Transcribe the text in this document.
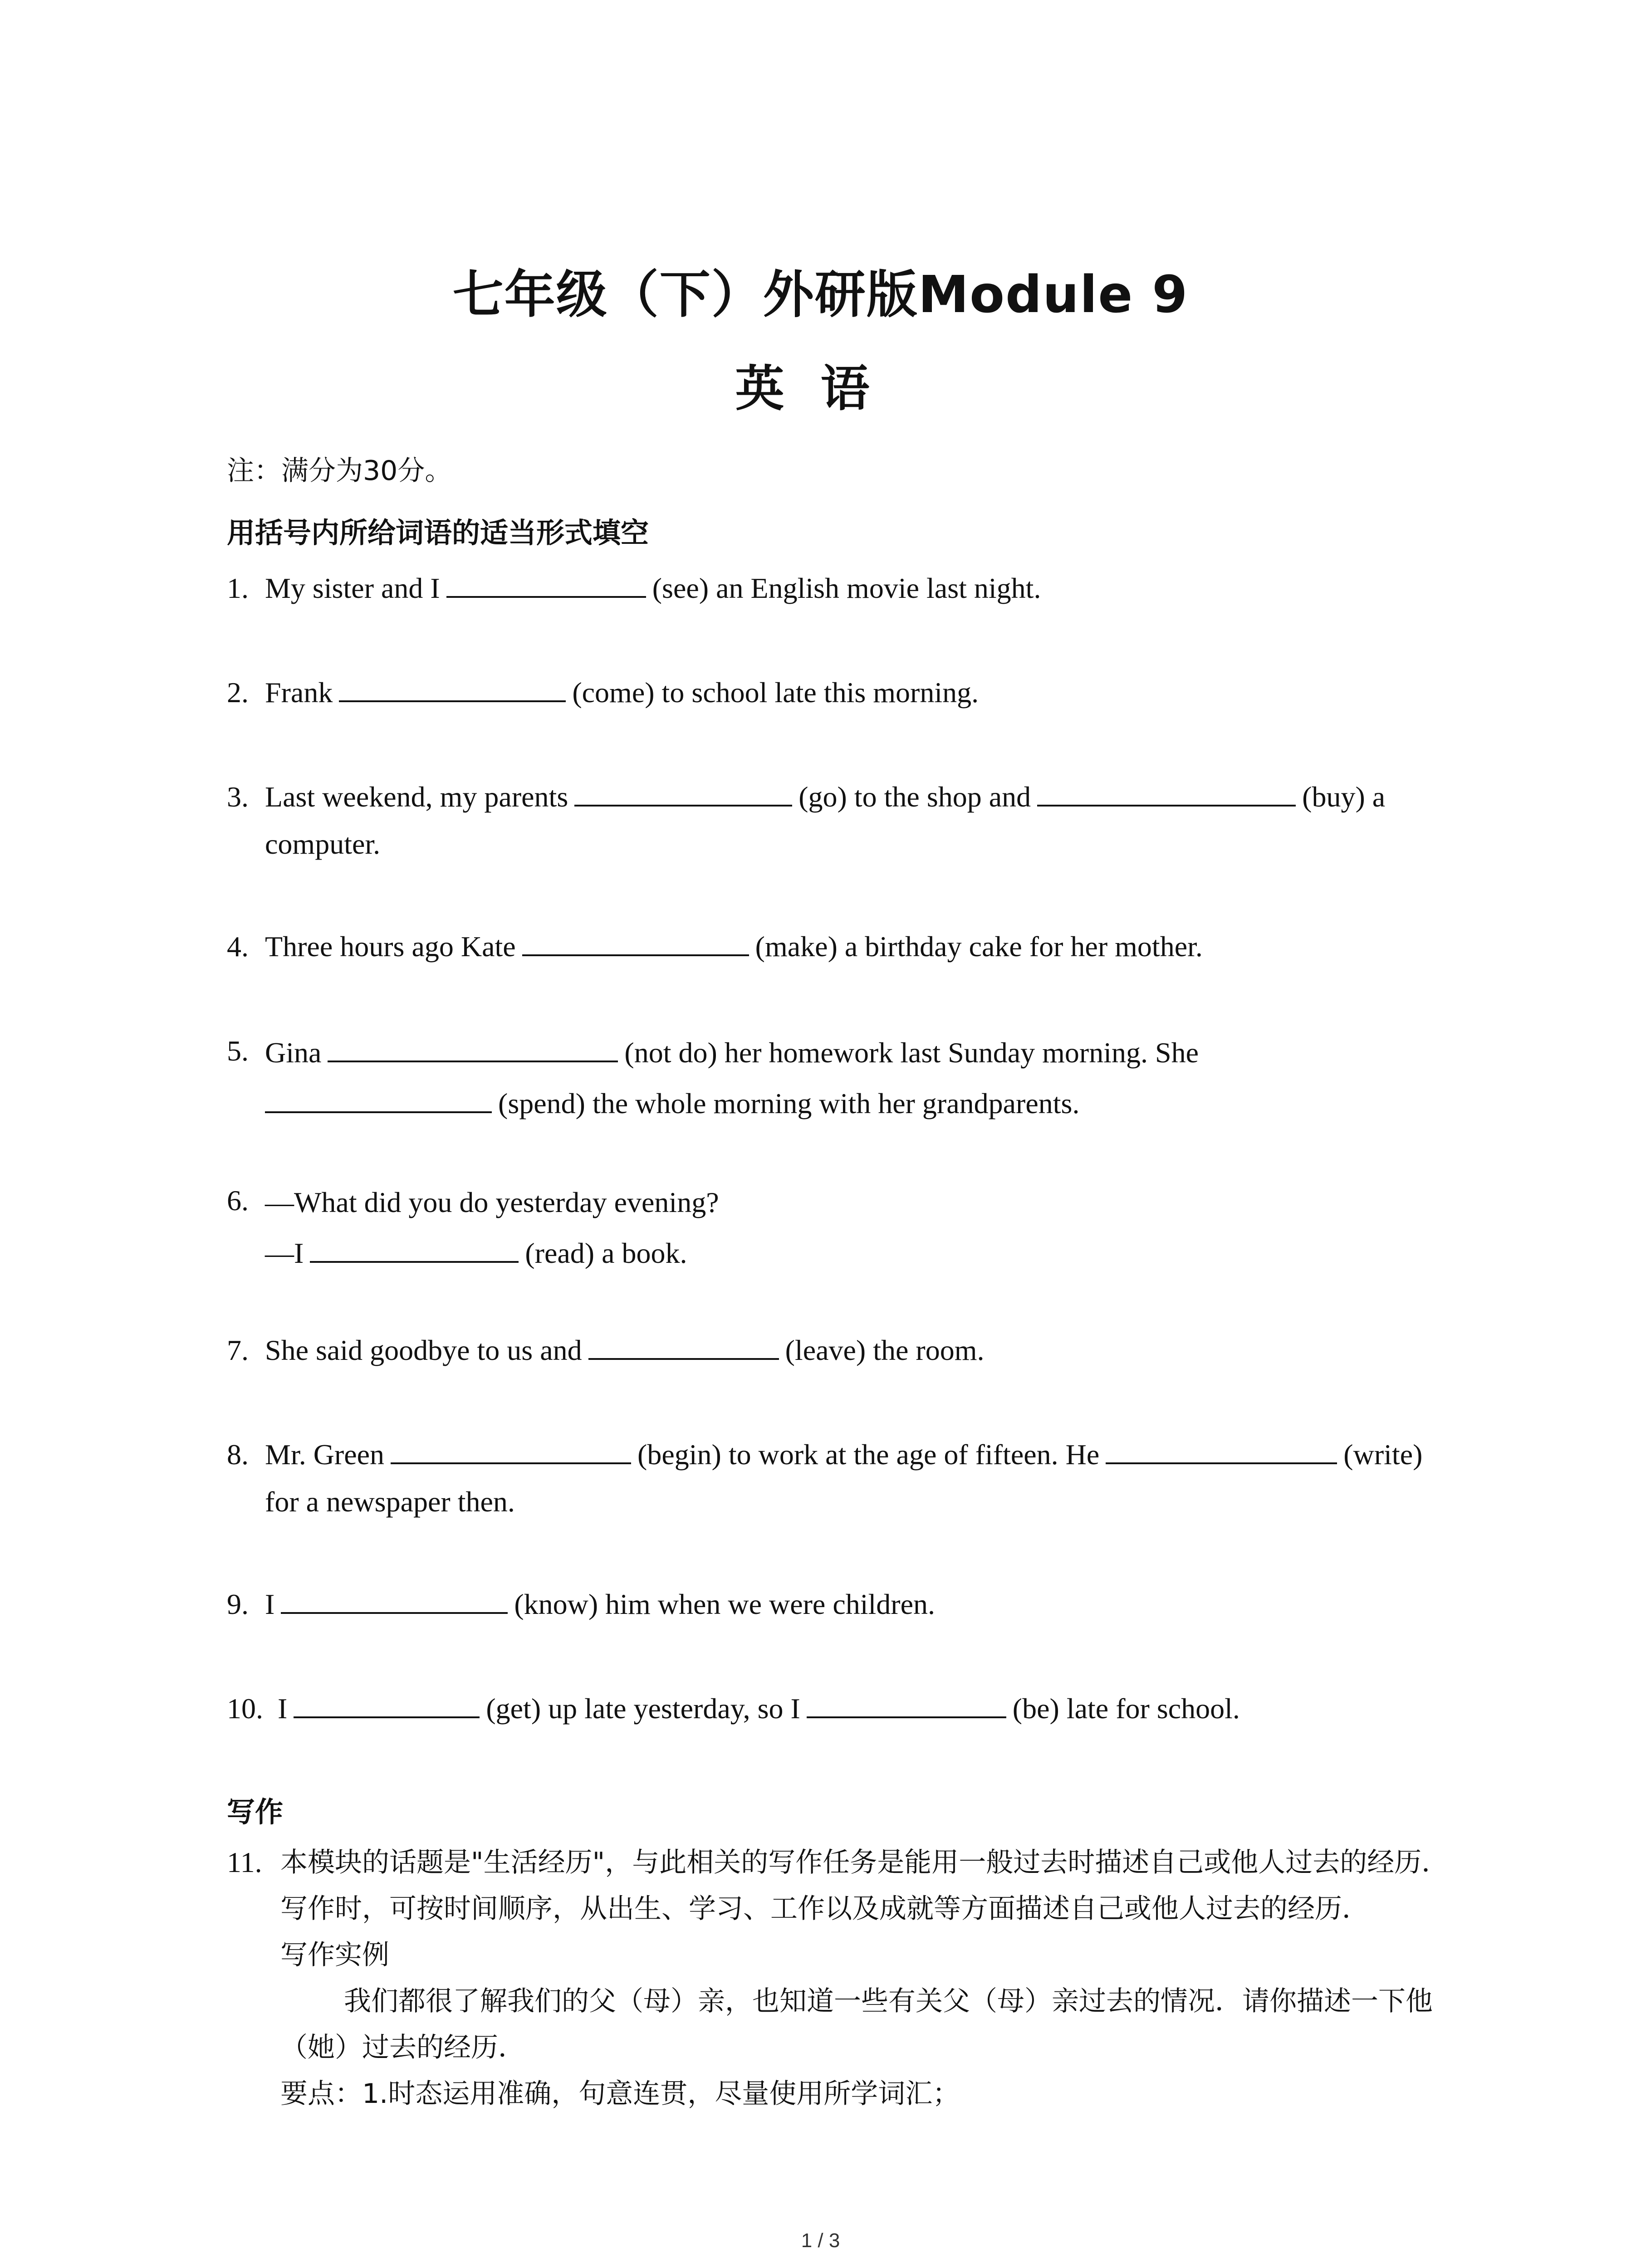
七年级（下）外研版Module 9
英语
注：满分为30分。
用括号内所给词语的适当形式填空
1. My sister and I	(see) an English movie last night.
2. Frank	(come) to school late this morning.
3. Last weekend, my parents	(go) to the shop and	(buy) a computer.
4. Three hours ago Kate	(make) a birthday cake for her mother.
5. Gina	(not do) her homework last Sunday morning. She
(spend) the whole morning with her grandparents.
6. —What did you do yesterday evening?
—I	(read) a book.
7. She said goodbye to us and	(leave) the room.
8. Mr. Green	(begin) to work at the age of fifteen. He	(write) for a newspaper then.
9. I	(know) him when we were children.
10. I	(get) up late yesterday, so I	(be) late for school.
写作
11. 本模块的话题是"生活经历"，与此相关的写作任务是能用一般过去时描述自己或他人过去的经历．写作时，可按时间顺序，从出生、学习、工作以及成就等方面描述自己或他人过去的经历．
写作实例
我们都很了解我们的父（母）亲，也知道一些有关父（母）亲过去的情况．请你描述一下他（她）过去的经历．
要点：1.时态运用准确，句意连贯，尽量使用所学词汇；
1 / 3
